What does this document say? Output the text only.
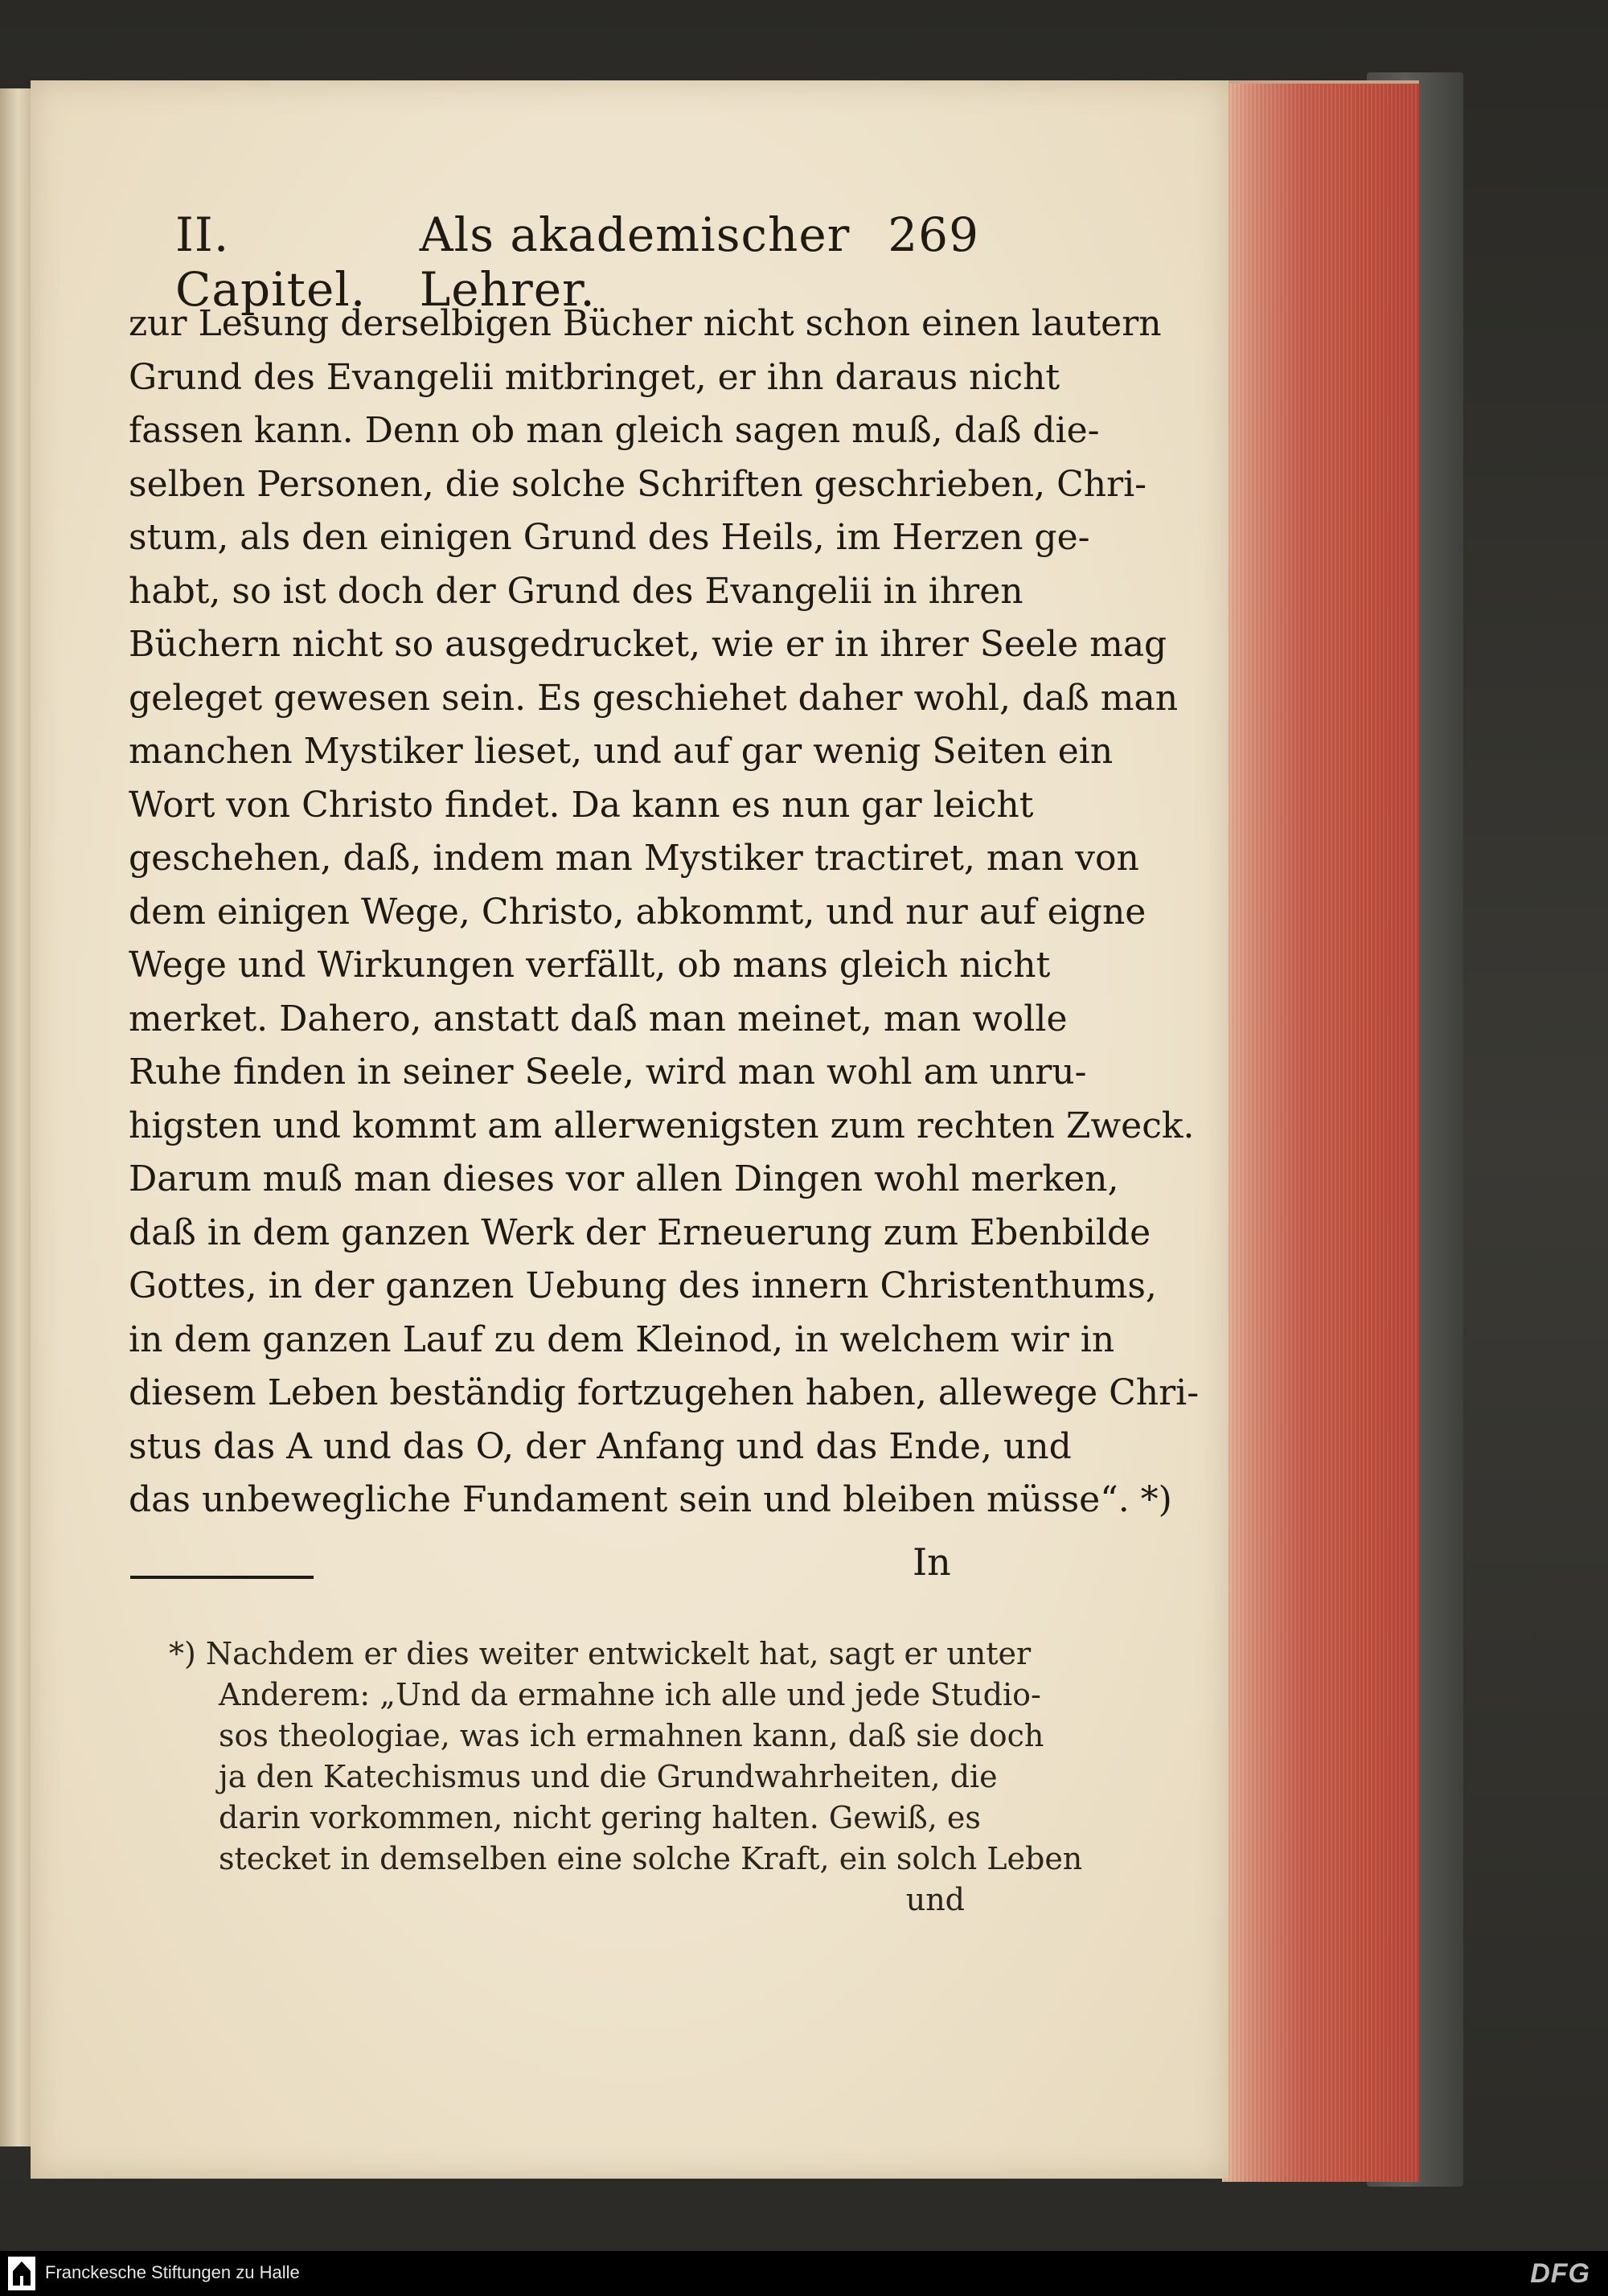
II. Capitel.
Als akademischer Lehrer.
269
zur Lesung derselbigen Bücher nicht schon einen lautern
Grund des Evangelii mitbringet, er ihn daraus nicht
fassen kann. Denn ob man gleich sagen muß, daß die-
selben Personen, die solche Schriften geschrieben, Chri-
stum, als den einigen Grund des Heils, im Herzen ge-
habt, so ist doch der Grund des Evangelii in ihren
Büchern nicht so ausgedrucket, wie er in ihrer Seele mag
geleget gewesen sein. Es geschiehet daher wohl, daß man
manchen Mystiker lieset, und auf gar wenig Seiten ein
Wort von Christo findet. Da kann es nun gar leicht
geschehen, daß, indem man Mystiker tractiret, man von
dem einigen Wege, Christo, abkommt, und nur auf eigne
Wege und Wirkungen verfällt, ob mans gleich nicht
merket. Dahero, anstatt daß man meinet, man wolle
Ruhe finden in seiner Seele, wird man wohl am unru-
higsten und kommt am allerwenigsten zum rechten Zweck.
Darum muß man dieses vor allen Dingen wohl merken,
daß in dem ganzen Werk der Erneuerung zum Ebenbilde
Gottes, in der ganzen Uebung des innern Christenthums,
in dem ganzen Lauf zu dem Kleinod, in welchem wir in
diesem Leben beständig fortzugehen haben, allewege Chri-
stus das A und das O, der Anfang und das Ende, und
das unbewegliche Fundament sein und bleiben müsse“. *)
In
*) Nachdem er dies weiter entwickelt hat, sagt er unter
Anderem: „Und da ermahne ich alle und jede Studio-
sos theologiae, was ich ermahnen kann, daß sie doch
ja den Katechismus und die Grundwahrheiten, die
darin vorkommen, nicht gering halten. Gewiß, es
stecket in demselben eine solche Kraft, ein solch Leben
und
Franckesche Stiftungen zu Halle	DFG
